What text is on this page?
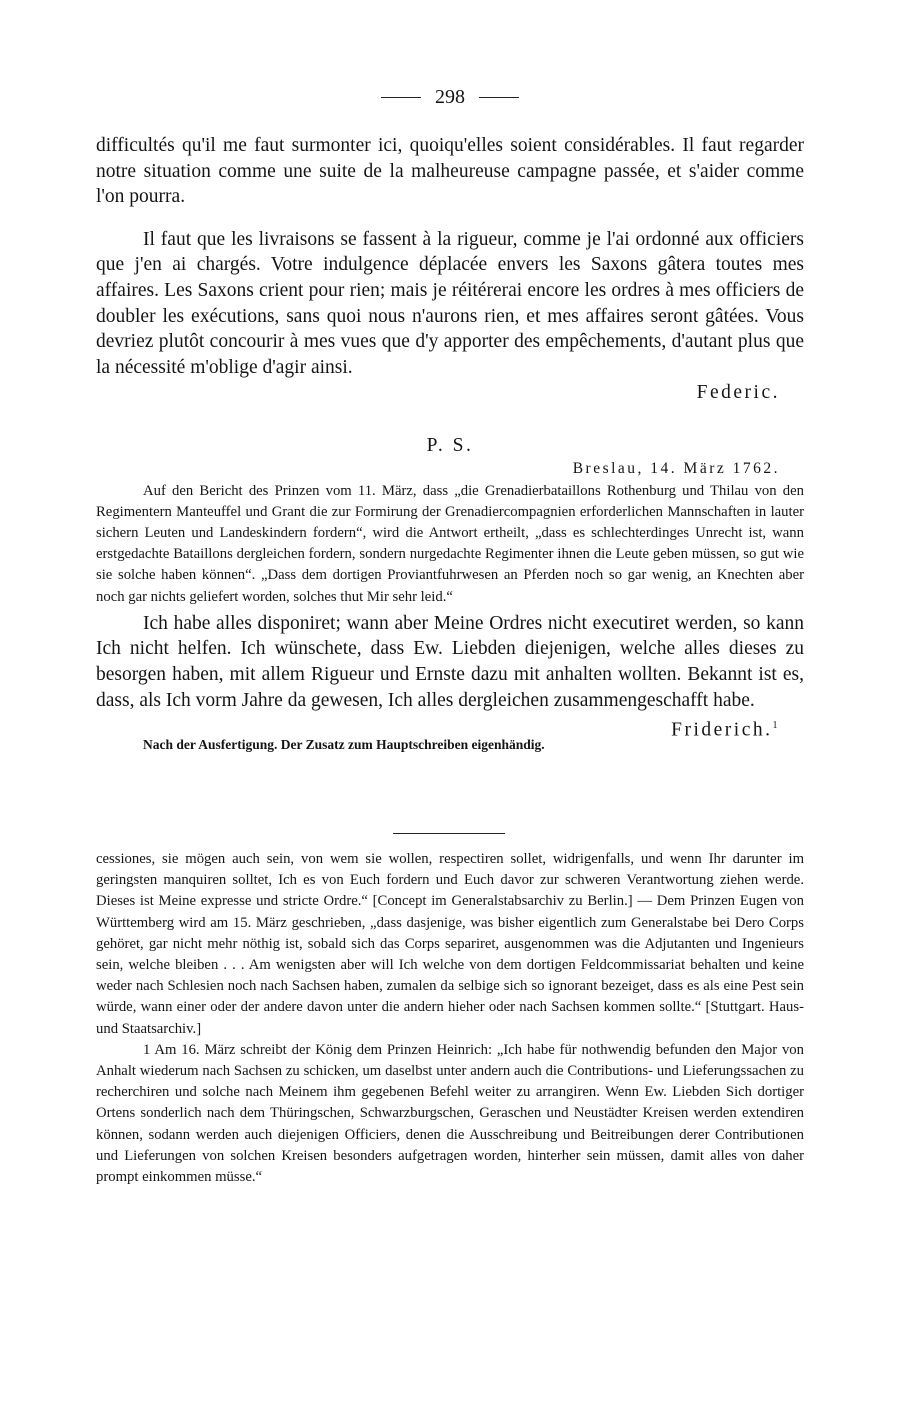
298

difficultés qu'il me faut surmonter ici, quoiqu'elles soient considérables. Il faut regarder notre situation comme une suite de la malheureuse campagne passée, et s'aider comme l'on pourra.

Il faut que les livraisons se fassent à la rigueur, comme je l'ai ordonné aux officiers que j'en ai chargés. Votre indulgence déplacée envers les Saxons gâtera toutes mes affaires. Les Saxons crient pour rien; mais je réitérerai encore les ordres à mes officiers de doubler les exécutions, sans quoi nous n'aurons rien, et mes affaires seront gâtées. Vous devriez plutôt concourir à mes vues que d'y apporter des empêchements, d'autant plus que la nécessité m'oblige d'agir ainsi.

Federic.

P. S.

Breslau, 14. März 1762.

Auf den Bericht des Prinzen vom 11. März, dass „die Grenadierbataillons Rothenburg und Thilau von den Regimentern Manteuffel und Grant die zur Formirung der Grenadiercompagnien erforderlichen Mannschaften in lauter sichern Leuten und Landeskindern fordern“, wird die Antwort ertheilt, „dass es schlechterdinges Unrecht ist, wann erstgedachte Bataillons dergleichen fordern, sondern nurgedachte Regimenter ihnen die Leute geben müssen, so gut wie sie solche haben können“. „Dass dem dortigen Proviantfuhrwesen an Pferden noch so gar wenig, an Knechten aber noch gar nichts geliefert worden, solches thut Mir sehr leid.“

Ich habe alles disponiret; wann aber Meine Ordres nicht executiret werden, so kann Ich nicht helfen. Ich wünschete, dass Ew. Liebden diejenigen, welche alles dieses zu besorgen haben, mit allem Rigueur und Ernste dazu mit anhalten wollten. Bekannt ist es, dass, als Ich vorm Jahre da gewesen, Ich alles dergleichen zusammengeschafft habe.

Friderich.$^1$

Nach der Ausfertigung. Der Zusatz zum Hauptschreiben eigenhändig.

cessiones, sie mögen auch sein, von wem sie wollen, respectiren sollet, widrigenfalls, und wenn Ihr darunter im geringsten manquiren solltet, Ich es von Euch fordern und Euch davor zur schweren Verantwortung ziehen werde. Dieses ist Meine expresse und stricte Ordre.“ [Concept im Generalstabsarchiv zu Berlin.] — Dem Prinzen Eugen von Württemberg wird am 15. März geschrieben, „dass dasjenige, was bisher eigentlich zum Generalstabe bei Dero Corps gehöret, gar nicht mehr nöthig ist, sobald sich das Corps separiret, ausgenommen was die Adjutanten und Ingenieurs sein, welche bleiben . . . Am wenigsten aber will Ich welche von dem dortigen Feldcommissariat behalten und keine weder nach Schlesien noch nach Sachsen haben, zumalen da selbige sich so ignorant bezeiget, dass es als eine Pest sein würde, wann einer oder der andere davon unter die andern hieher oder nach Sachsen kommen sollte.“ [Stuttgart. Haus- und Staatsarchiv.]

1 Am 16. März schreibt der König dem Prinzen Heinrich: „Ich habe für nothwendig befunden den Major von Anhalt wiederum nach Sachsen zu schicken, um daselbst unter andern auch die Contributions- und Lieferungssachen zu recherchiren und solche nach Meinem ihm gegebenen Befehl weiter zu arrangiren. Wenn Ew. Liebden Sich dortiger Ortens sonderlich nach dem Thüringschen, Schwarzburgschen, Geraschen und Neustädter Kreisen werden extendiren können, sodann werden auch diejenigen Officiers, denen die Ausschreibung und Beitreibungen derer Contributionen und Lieferungen von solchen Kreisen besonders aufgetragen worden, hinterher sein müssen, damit alles von daher prompt einkommen müsse.“
